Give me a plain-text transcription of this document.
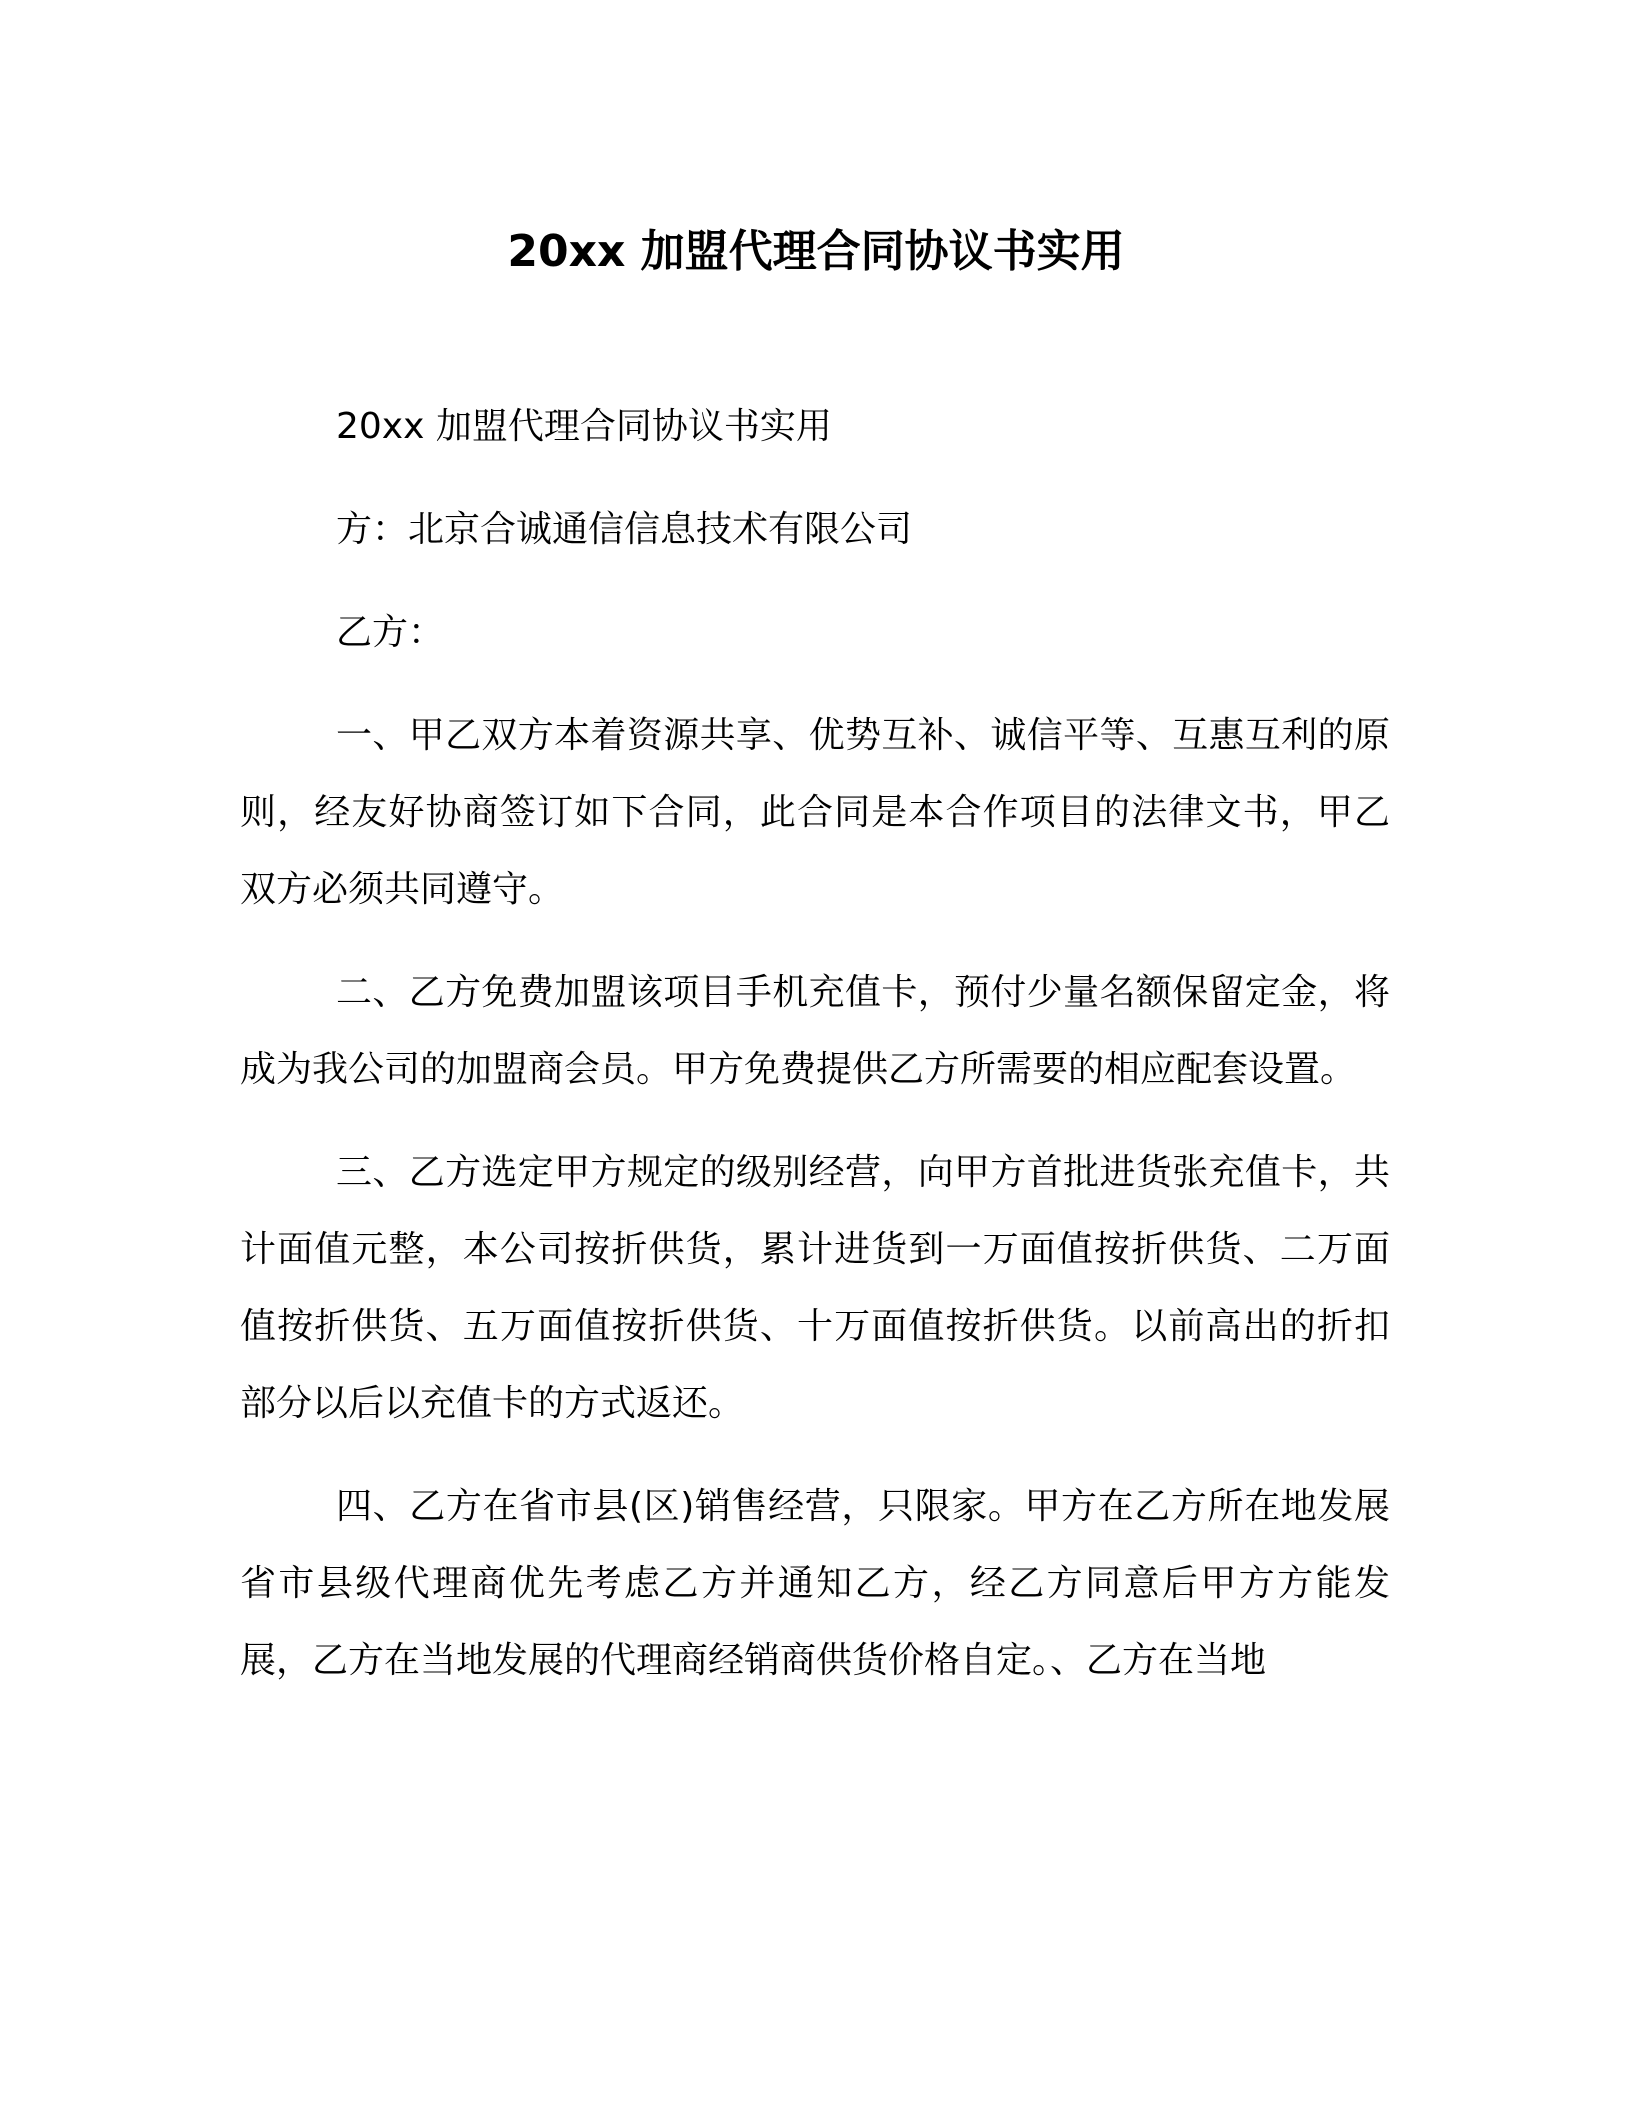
20xx 加盟代理合同协议书实用

20xx 加盟代理合同协议书实用

方：北京合诚通信信息技术有限公司

乙方：

一、甲乙双方本着资源共享、优势互补、诚信平等、互惠互利的原则，经友好协商签订如下合同，此合同是本合作项目的法律文书，甲乙双方必须共同遵守。

二、乙方免费加盟该项目手机充值卡，预付少量名额保留定金，将成为我公司的加盟商会员。甲方免费提供乙方所需要的相应配套设置。

三、乙方选定甲方规定的级别经营，向甲方首批进货张充值卡，共计面值元整，本公司按折供货，累计进货到一万面值按折供货、二万面值按折供货、五万面值按折供货、十万面值按折供货。以前高出的折扣部分以后以充值卡的方式返还。

四、乙方在省市县(区)销售经营，只限家。甲方在乙方所在地发展省市县级代理商优先考虑乙方并通知乙方，经乙方同意后甲方方能发展，乙方在当地发展的代理商经销商供货价格自定。、乙方在当地
